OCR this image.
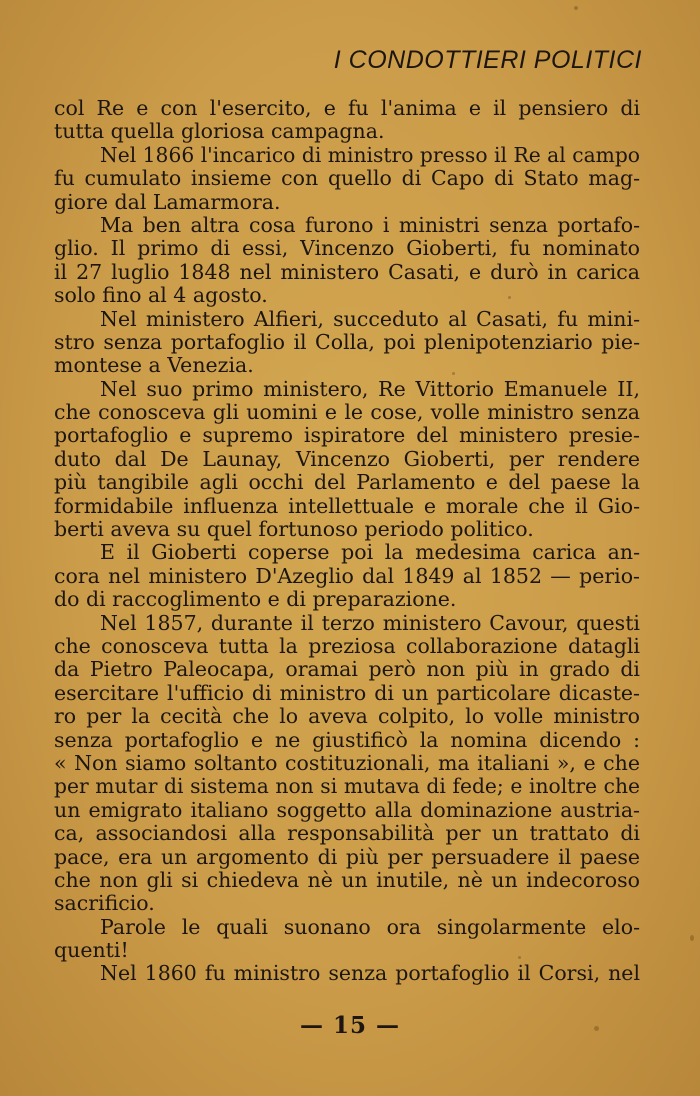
I CONDOTTIERI POLITICI
col Re e con l'esercito, e fu l'anima e il pensiero di
tutta quella gloriosa campagna.
Nel 1866 l'incarico di ministro presso il Re al campo
fu cumulato insieme con quello di Capo di Stato mag-
giore dal Lamarmora.
Ma ben altra cosa furono i ministri senza portafo-
glio. Il primo di essi, Vincenzo Gioberti, fu nominato
il 27 luglio 1848 nel ministero Casati, e durò in carica
solo fino al 4 agosto.
Nel ministero Alfieri, succeduto al Casati, fu mini-
stro senza portafoglio il Colla, poi plenipotenziario pie-
montese a Venezia.
Nel suo primo ministero, Re Vittorio Emanuele II,
che conosceva gli uomini e le cose, volle ministro senza
portafoglio e supremo ispiratore del ministero presie-
duto dal De Launay, Vincenzo Gioberti, per rendere
più tangibile agli occhi del Parlamento e del paese la
formidabile influenza intellettuale e morale che il Gio-
berti aveva su quel fortunoso periodo politico.
E il Gioberti coperse poi la medesima carica an-
cora nel ministero D'Azeglio dal 1849 al 1852 — perio-
do di raccoglimento e di preparazione.
Nel 1857, durante il terzo ministero Cavour, questi
che conosceva tutta la preziosa collaborazione datagli
da Pietro Paleocapa, oramai però non più in grado di
esercitare l'ufficio di ministro di un particolare dicaste-
ro per la cecità che lo aveva colpito, lo volle ministro
senza portafoglio e ne giustificò la nomina dicendo :
« Non siamo soltanto costituzionali, ma italiani », e che
per mutar di sistema non si mutava di fede; e inoltre che
un emigrato italiano soggetto alla dominazione austria-
ca, associandosi alla responsabilità per un trattato di
pace, era un argomento di più per persuadere il paese
che non gli si chiedeva nè un inutile, nè un indecoroso
sacrificio.
Parole le quali suonano ora singolarmente elo-
quenti!
Nel 1860 fu ministro senza portafoglio il Corsi, nel
— 15 —
